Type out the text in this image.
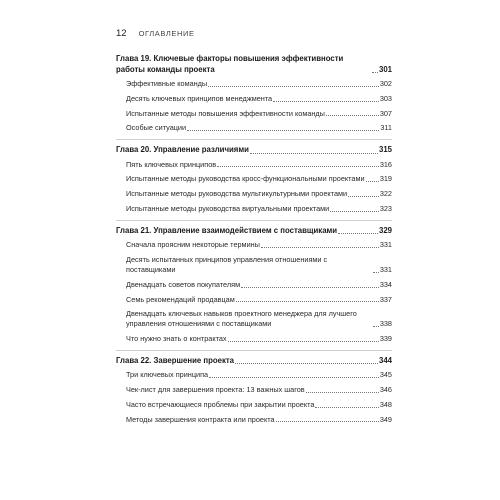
12 ОГЛАВЛЕНИЕ
Глава 19. Ключевые факторы повышения эффективности работы команды проекта	301
Эффективные команды	302
Десять ключевых принципов менеджмента	303
Испытанные методы повышения эффективности команды	307
Особые ситуации	311
Глава 20. Управление различиями	315
Пять ключевых принципов	316
Испытанные методы руководства кросс-функциональными проектами 319
Испытанные методы руководства мультикультурными проектами	322
Испытанные методы руководства виртуальными проектами	323
Глава 21. Управление взаимодействием с поставщиками	329
Сначала проясним некоторые термины	331
Десять испытанных принципов управления отношениями с поставщиками	331
Двенадцать советов покупателям	334
Семь рекомендаций продавцам	337
Двенадцать ключевых навыков проектного менеджера для лучшего управления отношениями с поставщиками	338
Что нужно знать о контрактах	339
Глава 22. Завершение проекта	344
Три ключевых принципа	345
Чек-лист для завершения проекта: 13 важных шагов	346
Часто встречающиеся проблемы при закрытии проекта	348
Методы завершения контракта или проекта	349
